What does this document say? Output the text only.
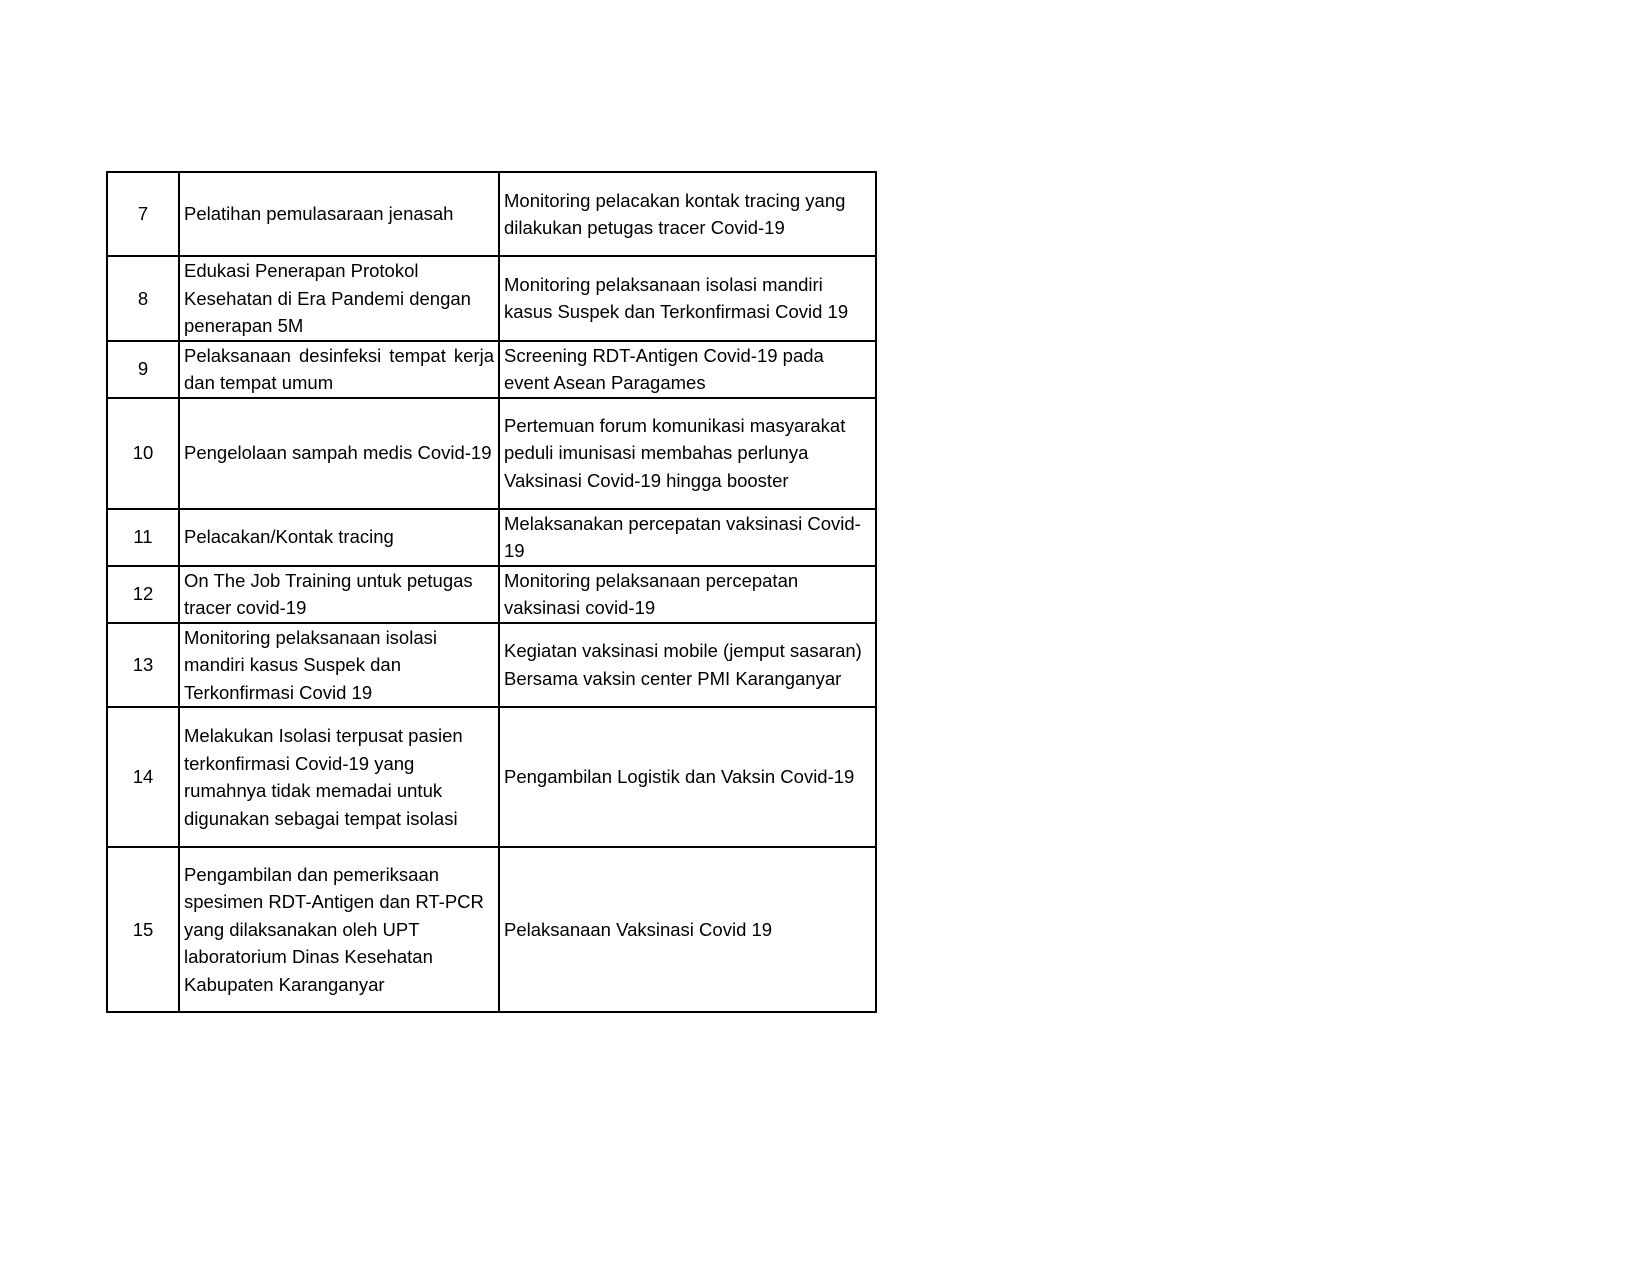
7	Pelatihan pemulasaraan jenasah	Monitoring pelacakan kontak tracing yang dilakukan petugas tracer Covid-19
8	Edukasi Penerapan Protokol Kesehatan di Era Pandemi dengan penerapan 5M	Monitoring pelaksanaan isolasi mandiri kasus Suspek dan Terkonfirmasi Covid 19
9	Pelaksanaan desinfeksi tempat kerja dan tempat umum	Screening RDT-Antigen Covid-19 pada event Asean Paragames
10	Pengelolaan sampah medis Covid-19	Pertemuan forum komunikasi masyarakat peduli imunisasi membahas perlunya Vaksinasi Covid-19 hingga booster
11	Pelacakan/Kontak tracing	Melaksanakan percepatan vaksinasi Covid-19
12	On The Job Training untuk petugas tracer covid-19	Monitoring pelaksanaan percepatan vaksinasi covid-19
13	Monitoring pelaksanaan isolasi mandiri kasus Suspek dan Terkonfirmasi Covid 19	Kegiatan vaksinasi mobile (jemput sasaran) Bersama vaksin center PMI Karanganyar
14	Melakukan Isolasi terpusat pasien terkonfirmasi Covid-19 yang rumahnya tidak memadai untuk digunakan sebagai tempat isolasi	Pengambilan Logistik dan Vaksin Covid-19
15	Pengambilan dan pemeriksaan spesimen RDT-Antigen dan RT-PCR yang dilaksanakan oleh UPT laboratorium Dinas Kesehatan Kabupaten Karanganyar	Pelaksanaan Vaksinasi Covid 19
